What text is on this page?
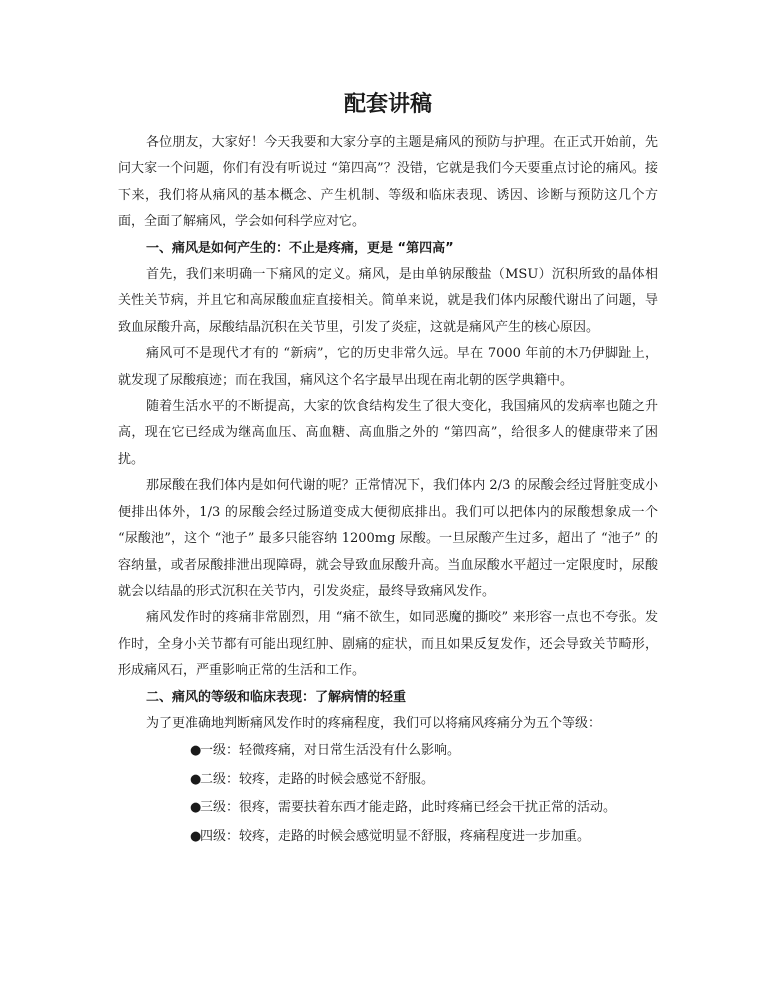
配套讲稿

各位朋友，大家好！今天我要和大家分享的主题是痛风的预防与护理。在正式开始前，先问大家一个问题，你们有没有听说过 “第四高”？没错，它就是我们今天要重点讨论的痛风。接下来，我们将从痛风的基本概念、产生机制、等级和临床表现、诱因、诊断与预防这几个方面，全面了解痛风，学会如何科学应对它。

一、痛风是如何产生的：不止是疼痛，更是 “第四高”

首先，我们来明确一下痛风的定义。痛风，是由单钠尿酸盐（MSU）沉积所致的晶体相关性关节病，并且它和高尿酸血症直接相关。简单来说，就是我们体内尿酸代谢出了问题，导致血尿酸升高，尿酸结晶沉积在关节里，引发了炎症，这就是痛风产生的核心原因。

痛风可不是现代才有的 “新病”，它的历史非常久远。早在 7000 年前的木乃伊脚趾上，就发现了尿酸痕迹；而在我国，痛风这个名字最早出现在南北朝的医学典籍中。

随着生活水平的不断提高，大家的饮食结构发生了很大变化，我国痛风的发病率也随之升高，现在它已经成为继高血压、高血糖、高血脂之外的 “第四高”，给很多人的健康带来了困扰。

那尿酸在我们体内是如何代谢的呢？正常情况下，我们体内 2/3 的尿酸会经过肾脏变成小便排出体外，1/3 的尿酸会经过肠道变成大便彻底排出。我们可以把体内的尿酸想象成一个 “尿酸池”，这个 “池子” 最多只能容纳 1200mg 尿酸。一旦尿酸产生过多，超出了 “池子” 的容纳量，或者尿酸排泄出现障碍，就会导致血尿酸升高。当血尿酸水平超过一定限度时，尿酸就会以结晶的形式沉积在关节内，引发炎症，最终导致痛风发作。

痛风发作时的疼痛非常剧烈，用 “痛不欲生，如同恶魔的撕咬” 来形容一点也不夸张。发作时，全身小关节都有可能出现红肿、剧痛的症状，而且如果反复发作，还会导致关节畸形，形成痛风石，严重影响正常的生活和工作。

二、痛风的等级和临床表现：了解病情的轻重

为了更准确地判断痛风发作时的疼痛程度，我们可以将痛风疼痛分为五个等级：

●
一级：轻微疼痛，对日常生活没有什么影响。
●
二级：较疼，走路的时候会感觉不舒服。
●
三级：很疼，需要扶着东西才能走路，此时疼痛已经会干扰正常的活动。
●
四级：较疼，走路的时候会感觉明显不舒服，疼痛程度进一步加重。
